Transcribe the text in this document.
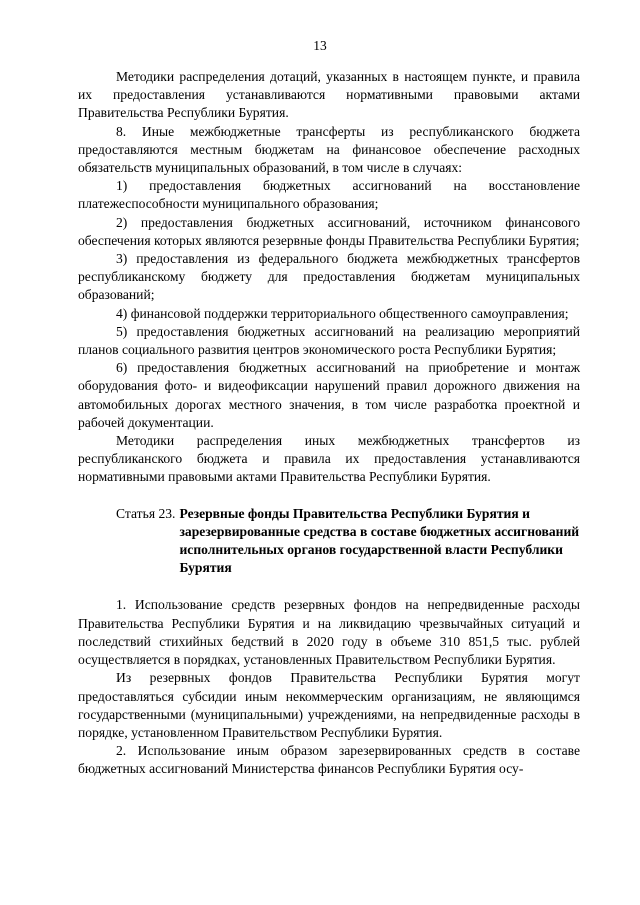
13

Методики распределения дотаций, указанных в настоящем пункте, и правила их предоставления устанавливаются нормативными правовыми актами Правительства Республики Бурятия.

8. Иные межбюджетные трансферты из республиканского бюджета предоставляются местным бюджетам на финансовое обеспечение расходных обязательств муниципальных образований, в том числе в случаях:

1) предоставления бюджетных ассигнований на восстановление платежеспособности муниципального образования;

2) предоставления бюджетных ассигнований, источником финансового обеспечения которых являются резервные фонды Правительства Республики Бурятия;

3) предоставления из федерального бюджета межбюджетных трансфертов республиканскому бюджету для предоставления бюджетам муниципальных образований;

4) финансовой поддержки территориального общественного самоуправления;

5) предоставления бюджетных ассигнований на реализацию мероприятий планов социального развития центров экономического роста Республики Бурятия;

6) предоставления бюджетных ассигнований на приобретение и монтаж оборудования фото- и видеофиксации нарушений правил дорожного движения на автомобильных дорогах местного значения, в том числе разработка проектной и рабочей документации.

Методики распределения иных межбюджетных трансфертов из республиканского бюджета и правила их предоставления устанавливаются нормативными правовыми актами Правительства Республики Бурятия.

Статья 23. Резервные фонды Правительства Республики Бурятия и зарезервированные средства в составе бюджетных ассигнований исполнительных органов государственной власти Республики Бурятия

1. Использование средств резервных фондов на непредвиденные расходы Правительства Республики Бурятия и на ликвидацию чрезвычайных ситуаций и последствий стихийных бедствий в 2020 году в объеме 310 851,5 тыс. рублей осуществляется в порядках, установленных Правительством Республики Бурятия.

Из резервных фондов Правительства Республики Бурятия могут предоставляться субсидии иным некоммерческим организациям, не являющимся государственными (муниципальными) учреждениями, на непредвиденные расходы в порядке, установленном Правительством Республики Бурятия.

2. Использование иным образом зарезервированных средств в составе бюджетных ассигнований Министерства финансов Республики Бурятия осу-
